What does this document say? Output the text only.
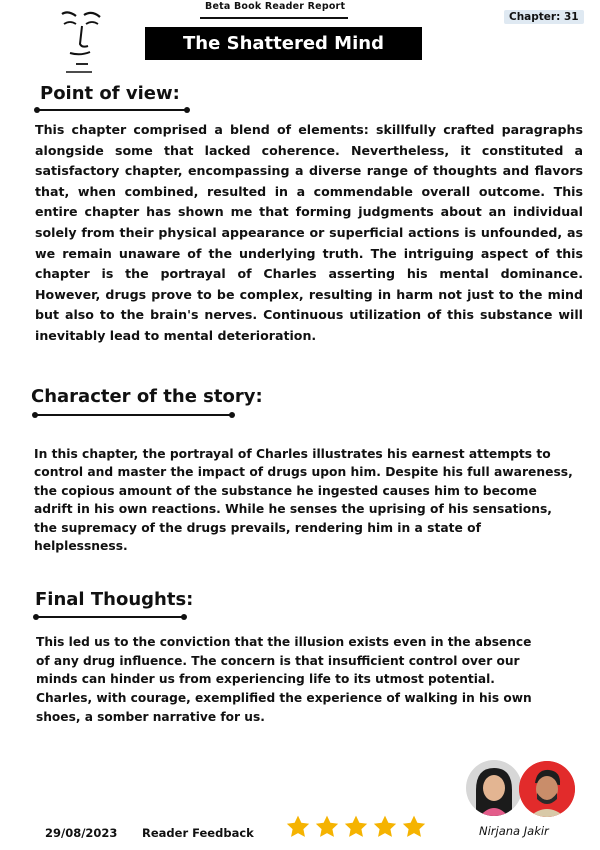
Beta Book Reader Report
Chapter: 31
The Shattered Mind
Point of view:
This chapter comprised a blend of elements: skillfully crafted paragraphs alongside some that lacked coherence. Nevertheless, it constituted a satisfactory chapter, encompassing a diverse range of thoughts and flavors that, when combined, resulted in a commendable overall outcome. This entire chapter has shown me that forming judgments about an individual solely from their physical appearance or superficial actions is unfounded, as we remain unaware of the underlying truth. The intriguing aspect of this chapter is the portrayal of Charles asserting his mental dominance. However, drugs prove to be complex, resulting in harm not just to the mind but also to the brain's nerves. Continuous utilization of this substance will inevitably lead to mental deterioration.
Character of the story:
In this chapter, the portrayal of Charles illustrates his earnest attempts to control and master the impact of drugs upon him. Despite his full awareness, the copious amount of the substance he ingested causes him to become adrift in his own reactions. While he senses the uprising of his sensations, the supremacy of the drugs prevails, rendering him in a state of helplessness.
Final Thoughts:
This led us to the conviction that the illusion exists even in the absence of any drug influence. The concern is that insufficient control over our minds can hinder us from experiencing life to its utmost potential. Charles, with courage, exemplified the experience of walking in his own shoes, a somber narrative for us.
29/08/2023 Reader Feedback	Nirjana Jakir
